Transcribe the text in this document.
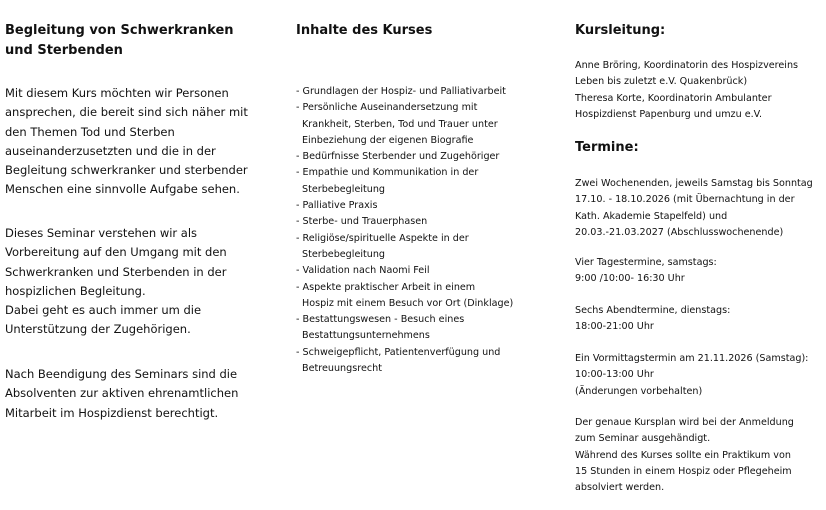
Begleitung von Schwerkranken
und Sterbenden
Mit diesem Kurs möchten wir Personen
ansprechen, die bereit sind sich näher mit
den Themen Tod und Sterben
auseinanderzusetzten und die in der
Begleitung schwerkranker und sterbender
Menschen eine sinnvolle Aufgabe sehen.
Dieses Seminar verstehen wir als
Vorbereitung auf den Umgang mit den
Schwerkranken und Sterbenden in der
hospizlichen Begleitung.
Dabei geht es auch immer um die
Unterstützung der Zugehörigen.
Nach Beendigung des Seminars sind die
Absolventen zur aktiven ehrenamtlichen
Mitarbeit im Hospizdienst berechtigt.
Inhalte des Kurses
- Grundlagen der Hospiz- und Palliativarbeit
- Persönliche Auseinandersetzung mit
Krankheit, Sterben, Tod und Trauer unter
Einbeziehung der eigenen Biografie
- Bedürfnisse Sterbender und Zugehöriger
- Empathie und Kommunikation in der
Sterbebegleitung
- Palliative Praxis
- Sterbe- und Trauerphasen
- Religiöse/spirituelle Aspekte in der
Sterbebegleitung
- Validation nach Naomi Feil
- Aspekte praktischer Arbeit in einem
Hospiz mit einem Besuch vor Ort (Dinklage)
- Bestattungswesen - Besuch eines
Bestattungsunternehmens
- Schweigepflicht, Patientenverfügung und
Betreuungsrecht
Kursleitung:
Anne Bröring, Koordinatorin des Hospizvereins
Leben bis zuletzt e.V. Quakenbrück)
Theresa Korte, Koordinatorin Ambulanter
Hospizdienst Papenburg und umzu e.V.
Termine:
Zwei Wochenenden, jeweils Samstag bis Sonntag
17.10. - 18.10.2026 (mit Übernachtung in der
Kath. Akademie Stapelfeld) und
20.03.-21.03.2027 (Abschlusswochenende)
Vier Tagestermine, samstags:
9:00 /10:00- 16:30 Uhr
Sechs Abendtermine, dienstags:
18:00-21:00 Uhr
Ein Vormittagstermin am 21.11.2026 (Samstag):
10:00-13:00 Uhr
(Änderungen vorbehalten)
Der genaue Kursplan wird bei der Anmeldung
zum Seminar ausgehändigt.
Während des Kurses sollte ein Praktikum von
15 Stunden in einem Hospiz oder Pflegeheim
absolviert werden.
